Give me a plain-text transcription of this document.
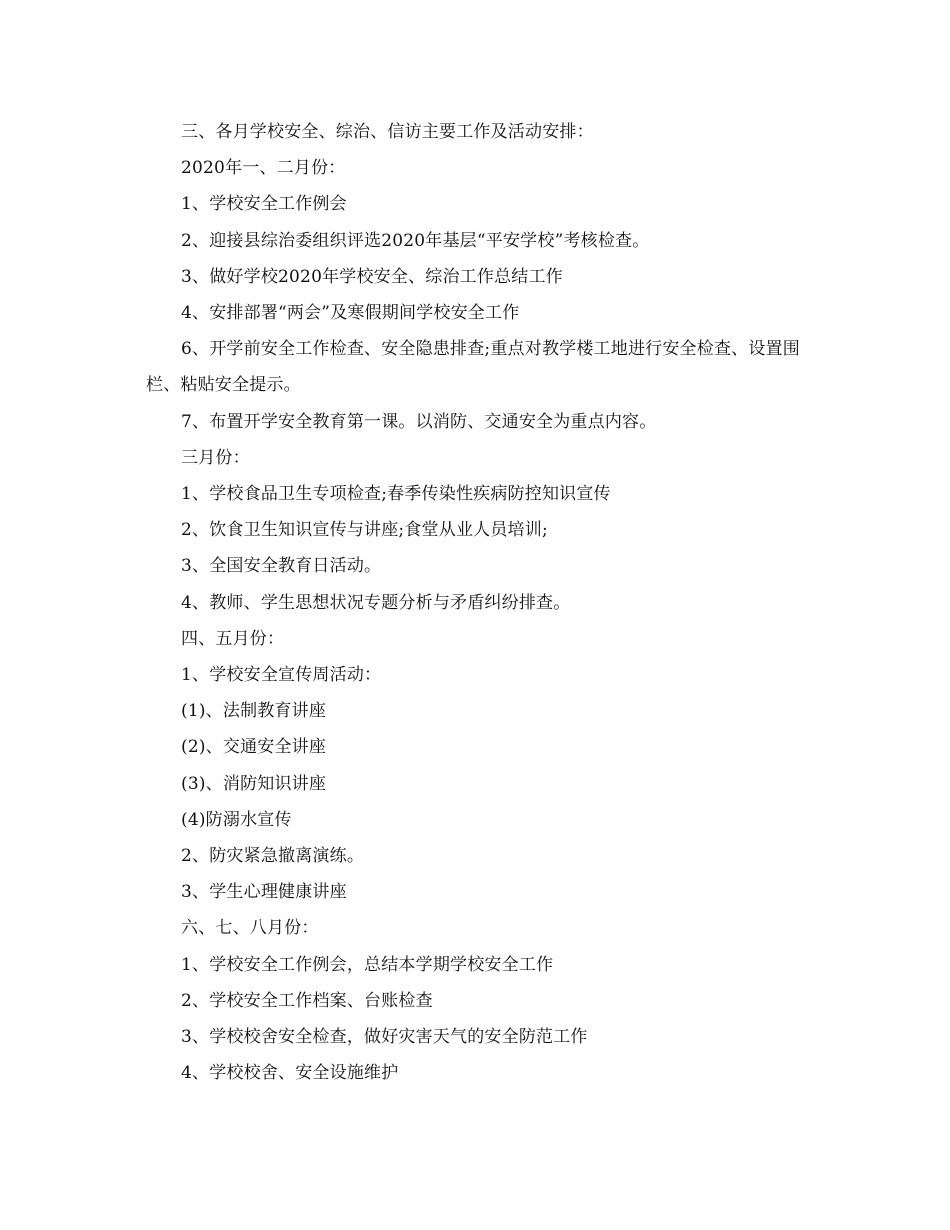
三、各月学校安全、综治、信访主要工作及活动安排：
2020年一、二月份：
1、学校安全工作例会
2、迎接县综治委组织评选2020年基层“平安学校”考核检查。
3、做好学校2020年学校安全、综治工作总结工作
4、安排部署“两会”及寒假期间学校安全工作
6、开学前安全工作检查、安全隐患排查;重点对教学楼工地进行安全检查、设置围栏、粘贴安全提示。
7、布置开学安全教育第一课。以消防、交通安全为重点内容。
三月份：
1、学校食品卫生专项检查;春季传染性疾病防控知识宣传
2、饮食卫生知识宣传与讲座;食堂从业人员培训;
3、全国安全教育日活动。
4、教师、学生思想状况专题分析与矛盾纠纷排查。
四、五月份：
1、学校安全宣传周活动：
(1)、法制教育讲座
(2)、交通安全讲座
(3)、消防知识讲座
(4)防溺水宣传
2、防灾紧急撤离演练。
3、学生心理健康讲座
六、七、八月份：
1、学校安全工作例会，总结本学期学校安全工作
2、学校安全工作档案、台账检查
3、学校校舍安全检查，做好灾害天气的安全防范工作
4、学校校舍、安全设施维护
